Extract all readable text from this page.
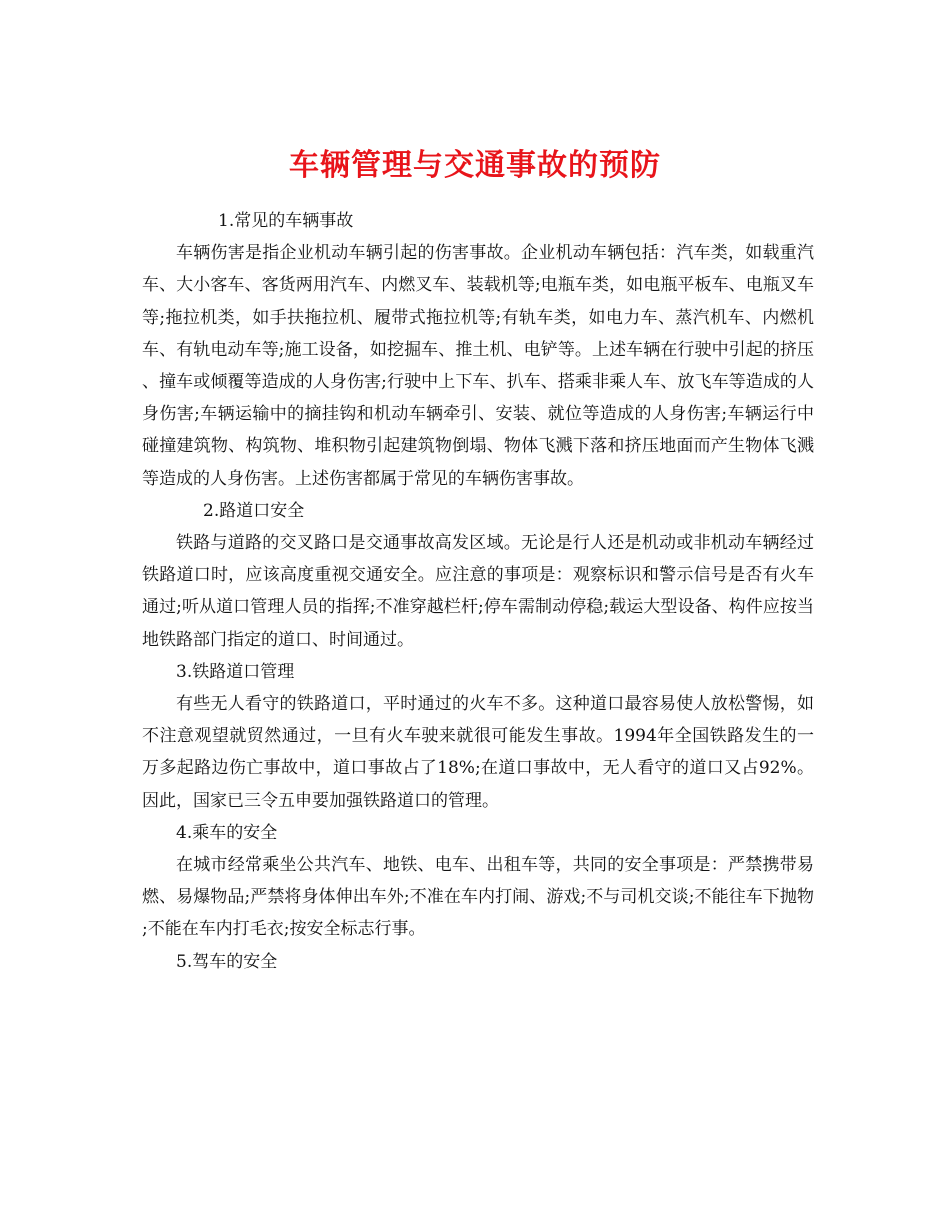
车辆管理与交通事故的预防

1.常见的车辆事故

车辆伤害是指企业机动车辆引起的伤害事故。企业机动车辆包括：汽车类，如载重汽车、大小客车、客货两用汽车、内燃叉车、装载机等;电瓶车类，如电瓶平板车、电瓶叉车等;拖拉机类，如手扶拖拉机、履带式拖拉机等;有轨车类，如电力车、蒸汽机车、内燃机车、有轨电动车等;施工设备，如挖掘车、推土机、电铲等。上述车辆在行驶中引起的挤压、撞车或倾覆等造成的人身伤害;行驶中上下车、扒车、搭乘非乘人车、放飞车等造成的人身伤害;车辆运输中的摘挂钩和机动车辆牵引、安装、就位等造成的人身伤害;车辆运行中碰撞建筑物、构筑物、堆积物引起建筑物倒塌、物体飞溅下落和挤压地面而产生物体飞溅等造成的人身伤害。上述伤害都属于常见的车辆伤害事故。

2.路道口安全

铁路与道路的交叉路口是交通事故高发区域。无论是行人还是机动或非机动车辆经过铁路道口时，应该高度重视交通安全。应注意的事项是：观察标识和警示信号是否有火车通过;听从道口管理人员的指挥;不准穿越栏杆;停车需制动停稳;载运大型设备、构件应按当地铁路部门指定的道口、时间通过。

3.铁路道口管理

有些无人看守的铁路道口，平时通过的火车不多。这种道口最容易使人放松警惕，如不注意观望就贸然通过，一旦有火车驶来就很可能发生事故。1994年全国铁路发生的一万多起路边伤亡事故中，道口事故占了18%;在道口事故中，无人看守的道口又占92%。因此，国家已三令五申要加强铁路道口的管理。

4.乘车的安全

在城市经常乘坐公共汽车、地铁、电车、出租车等，共同的安全事项是：严禁携带易燃、易爆物品;严禁将身体伸出车外;不准在车内打闹、游戏;不与司机交谈;不能往车下抛物;不能在车内打毛衣;按安全标志行事。

5.驾车的安全
